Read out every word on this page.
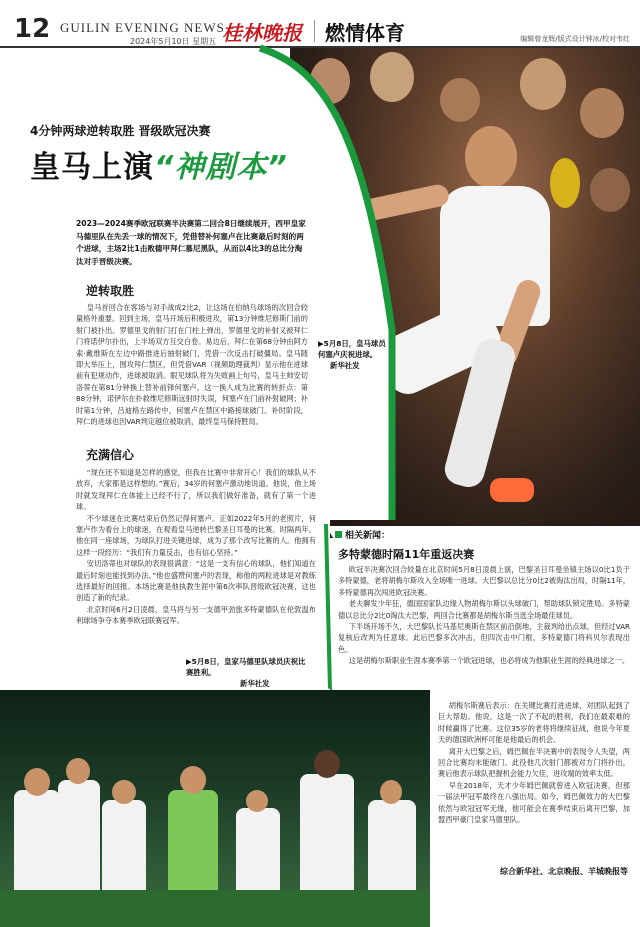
12 GUILIN EVENING NEWS
2024年5月10日 星期五 桂林晚报 燃情体育	编辑曾龙辉/版式设计钟冰/校对韦红
4分钟两球逆转取胜 晋级欧冠决赛
皇马上演“神剧本”
2023—2024赛季欧冠联赛半决赛第二回合8日继续展开，西甲皇家马德里队在先丢一球的情况下，凭借替补何塞卢在比赛最后时刻的两个进球，主场2比1击败德甲拜仁慕尼黑队，从而以4比3的总比分淘汰对手晋级决赛。
逆转取胜

皇马首回合在客场与对手战成2比2，让这场在伯纳乌球场的次回合较量格外重要。回到主场，皇马开场后积极进攻，第13分钟维尼修斯门前的射门被扑出。罗德里戈的射门打在门柱上弹出，罗德里戈的补射又被拜仁门将诺伊尔扑出，上半场双方互交白卷。易边后，拜仁在第68分钟由阿方索·戴维斯在左边中路推进后抽射破门，凭借一次反击打破僵局。皇马随即大举压上，围攻拜仁禁区，但凭借VAR（视频助理裁判）显示他在进球前有犯规动作，进球被取消。眼见球队将为失败画上句号，皇马主帅安切洛蒂在第81分钟换上替补前锋何塞卢。这一换人成为比赛的转折点：第88分钟，诺伊尔在扑救维尼修斯远射时失误，何塞卢在门前补射破网；补时第1分钟，吕迪格左路传中，何塞卢在禁区中路接球破门。补时阶段，拜仁的进球也因VAR判定越位被取消，最终皇马保持胜局。

充满信心

“现在还不知道是怎样的感觉，但我在比赛中非常开心！我们的球队从不放弃，大家都是这样想的。”赛后，34岁的何塞卢激动地说道。他说，他上场时就发现拜仁在体能上已经不行了，所以我们做好准备，就有了第一个进球。

不少球迷在比赛结束后仍然记得何塞卢。正如2022年5月的老照片，何塞卢作为看台上的球迷，在观看皇马逆转巴黎圣日耳曼的比赛。时隔两年，他在同一座球场，为球队打进关键进球，成为了那个改写比赛的人。他拥有这样一段经历：“我们有力量反击，也有信心坚持。”

安切洛蒂也对球队的表现很满意：“这是一支有信心的球队，他们知道在最后时刻也能找到办法。”他也盛赞何塞卢的表现，称他的两粒进球是对教练选择最好的回报。本场比赛是他执教生涯中第6次率队晋级欧冠决赛，这也创造了新的纪录。

北京时间6月2日凌晨，皇马将与另一支德甲劲旅多特蒙德队在伦敦温布利球场争夺本赛季欧冠联赛冠军。

▶5月8日，皇马球员何塞卢庆祝进球。
新华社发
▶5月8日，皇家马德里队球员庆祝比赛胜利。
新华社发
相关新闻：
多特蒙德时隔11年重返决赛

欧冠半决赛次回合较量在北京时间5月8日凌晨上演，巴黎圣日耳曼坐镇主场以0比1负于多特蒙德，老将胡梅尔斯攻入全场唯一进球。大巴黎以总比分0比2被淘汰出局，时隔11年，多特蒙德再次闯进欧冠决赛。

老夫聊发少年狂，德国国家队边缘人物胡梅尔斯以头球破门，帮助球队锁定胜局。多特蒙德以总比分2比0淘汰大巴黎，两回合比赛都是胡梅尔斯当选全场最佳球员。

下半场开场不久，大巴黎队长马基尼奥斯在禁区前沿倒地，主裁判给出点球，但经过VAR复核后改判为任意球。此后巴黎多次冲击，但四次击中门框，多特蒙德门将科贝尔表现出色。

这是胡梅尔斯职业生涯本赛季第一个欧冠进球，也必将成为他职业生涯的经典进球之一。

胡梅尔斯赛后表示：在关键比赛打进进球，对团队起到了巨大帮助。他说，这是一次了不起的胜利，我们在最艰难的时候赢得了比赛。这位35岁的老将将继续征战，他说今年夏天的德国欧洲杯可能是他最后的机会。

离开大巴黎之后，姆巴佩在半决赛中的表现令人失望，两回合比赛均未能破门。此役他几次射门都被对方门将扑出，赛后他表示球队把握机会能力欠佳，进攻端的效率太低。

早在2018年，天才少年姆巴佩就曾进入欧冠决赛，但那一届法甲冠军最终在八强出局。如今，姆巴佩效力的大巴黎依然与欧冠冠军无缘，他可能会在赛季结束后离开巴黎，加盟西甲豪门皇家马德里队。

综合新华社、北京晚报、羊城晚报等
